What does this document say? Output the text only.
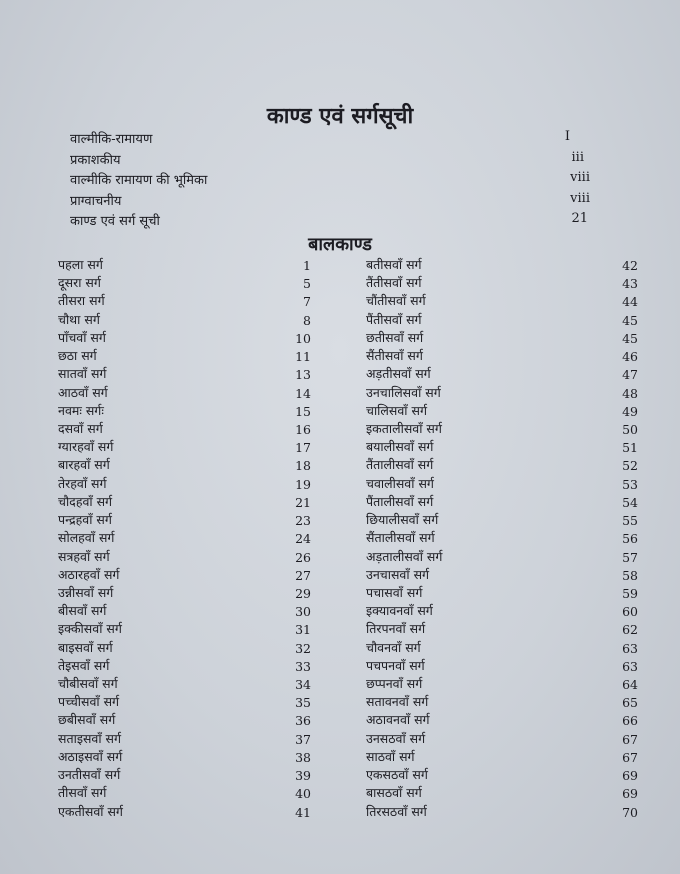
काण्ड एवं सर्गसूची
वाल्मीकि-रामायण	I
प्रकाशकीय	iii
वाल्मीकि रामायण की भूमिका	viii
प्राग्वाचनीय	viii
काण्ड एवं सर्ग सूची	21
बालकाण्ड
पहला सर्ग	1
दूसरा सर्ग	5
तीसरा सर्ग	7
चौथा सर्ग	8
पाँचवाँ सर्ग	10
छठा सर्ग	11
सातवाँ सर्ग	13
आठवाँ सर्ग	14
नवमः सर्गः	15
दसवाँ सर्ग	16
ग्यारहवाँ सर्ग	17
बारहवाँ सर्ग	18
तेरहवाँ सर्ग	19
चौदहवाँ सर्ग	21
पन्द्रहवाँ सर्ग	23
सोलहवाँ सर्ग	24
सत्रहवाँ सर्ग	26
अठारहवाँ सर्ग	27
उन्नीसवाँ सर्ग	29
बीसवाँ सर्ग	30
इक्कीसवाँ सर्ग	31
बाइसवाँ सर्ग	32
तेइसवाँ सर्ग	33
चौबीसवाँ सर्ग	34
पच्चीसवाँ सर्ग	35
छबीसवाँ सर्ग	36
सताइसवाँ सर्ग	37
अठाइसवाँ सर्ग	38
उनतीसवाँ सर्ग	39
तीसवाँ सर्ग	40
एकतीसवाँ सर्ग	41
बतीसवाँ सर्ग	42
तैंतीसवाँ सर्ग	43
चौंतीसवाँ सर्ग	44
पैंतीसवाँ सर्ग	45
छतीसवाँ सर्ग	45
सैंतीसवाँ सर्ग	46
अड़तीसवाँ सर्ग	47
उनचालिसवाँ सर्ग	48
चालिसवाँ सर्ग	49
इकतालीसवाँ सर्ग	50
बयालीसवाँ सर्ग	51
तैंतालीसवाँ सर्ग	52
चवालीसवाँ सर्ग	53
पैंतालीसवाँ सर्ग	54
छियालीसवाँ सर्ग	55
सैंतालीसवाँ सर्ग	56
अड़तालीसवाँ सर्ग	57
उनचासवाँ सर्ग	58
पचासवाँ सर्ग	59
इक्यावनवाँ सर्ग	60
तिरपनवाँ सर्ग	62
चौवनवाँ सर्ग	63
पचपनवाँ सर्ग	63
छप्पनवाँ सर्ग	64
सतावनवाँ सर्ग	65
अठावनवाँ सर्ग	66
उनसठवाँ सर्ग	67
साठवाँ सर्ग	67
एकसठवाँ सर्ग	69
बासठवाँ सर्ग	69
तिरसठवाँ सर्ग	70
